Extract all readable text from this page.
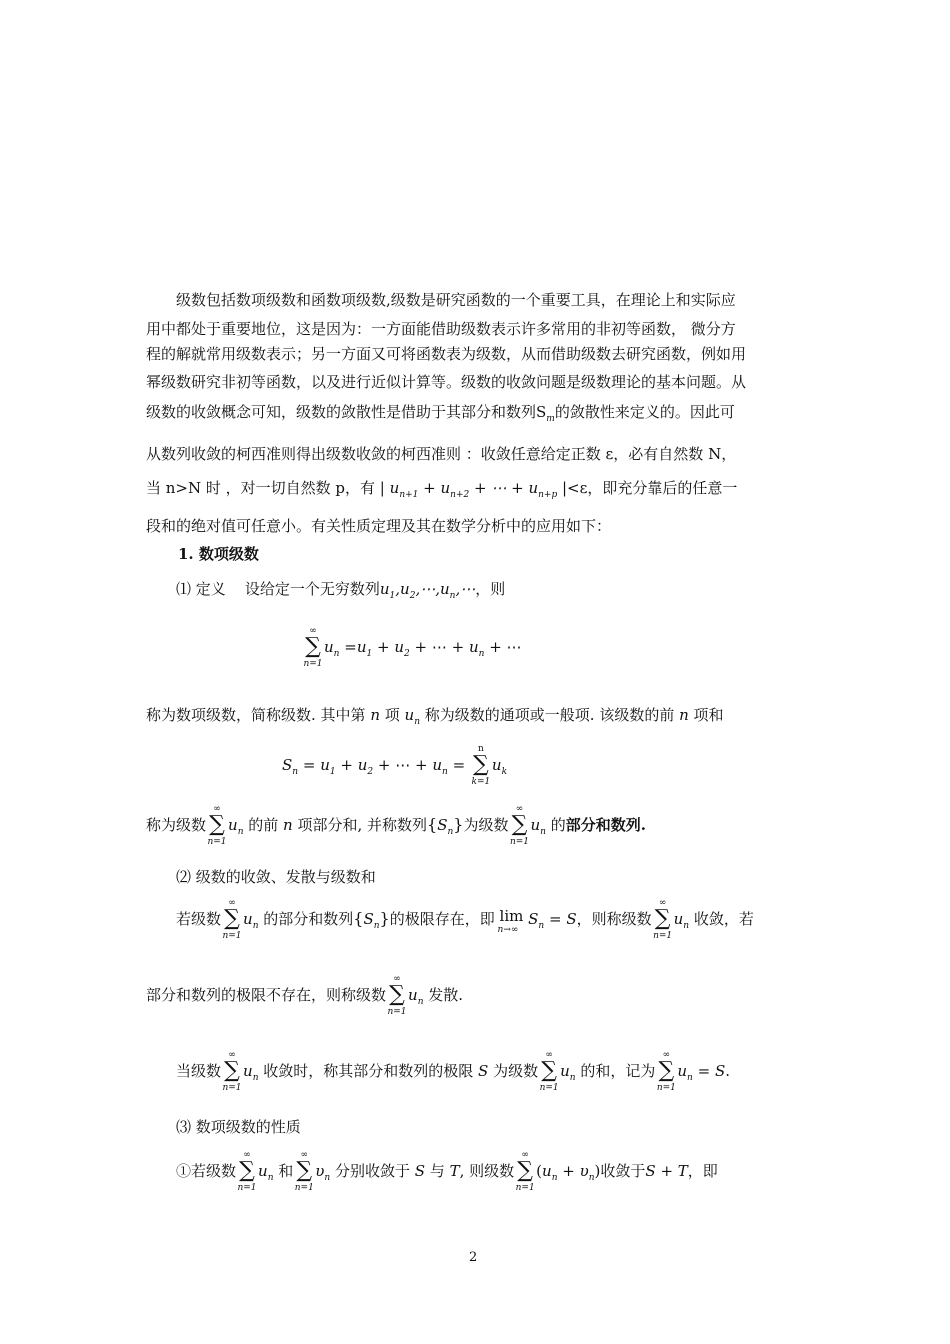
级数包括数项级数和函数项级数,级数是研究函数的一个重要工具，在理论上和实际应
用中都处于重要地位，这是因为：一方面能借助级数表示许多常用的非初等函数， 微分方
程的解就常用级数表示；另一方面又可将函数表为级数，从而借助级数去研究函数，例如用
幂级数研究非初等函数，以及进行近似计算等。级数的收敛问题是级数理论的基本问题。从
级数的收敛概念可知，级数的敛散性是借助于其部分和数列$S_m$的敛散性来定义的。因此可
从数列收敛的柯西准则得出级数收敛的柯西准则 ：收敛任意给定正数 ε，必有自然数 N，
当 n>N 时 ，对一切自然数 p，有 | $u_{n+1} + u_{n+2}$ + ⋯ + $u_{n+p}$ |<ε，即充分靠后的任意一
段和的绝对值可任意小。有关性质定理及其在数学分析中的应用如下：
1. 数项级数
⑴ 定义 设给定一个无穷数列$u_1,u_2,\cdots,u_n,\cdots$，则
∞
∑
n=1
$u_n =u_1 + u_2$ + ⋯ + $u_n$ + ⋯
称为数项级数，简称级数. 其中第 n 项 $u_n$ 称为级数的通项或一般项. 该级数的前 n 项和
$S_n = u_1 + u_2$ + ⋯ + $u_n$ =
n
∑
k=1
$u_k$
称为级数
∞
∑
n=1
$u_n$ 的前 n 项部分和, 并称数列$\{S_n\}$为级数
∞
∑
n=1
$u_n$ 的部分和数列.
⑵ 级数的收敛、发散与级数和
若级数
∞
∑
n=1
$u_n$ 的部分和数列$\{S_n\}$的极限存在，即 lim
n→∞
$S_n = S$，则称级数
∞
∑
n=1
$u_n$ 收敛，若
部分和数列的极限不存在，则称级数
∞
∑
n=1
$u_n$ 发散.
当级数
∞
∑
n=1
$u_n$ 收敛时，称其部分和数列的极限 S 为级数
∞
∑
n=1
$u_n$ 的和，记为
∞
∑
n=1
$u_n = S$.
⑶ 数项级数的性质
①若级数
∞
∑
n=1
$u_n$ 和
∞
∑
n=1
$\upsilon_n$ 分别收敛于 S 与 T, 则级数
∞
∑
n=1
$(u_n + \upsilon_n)$收敛于S + T，即
2
